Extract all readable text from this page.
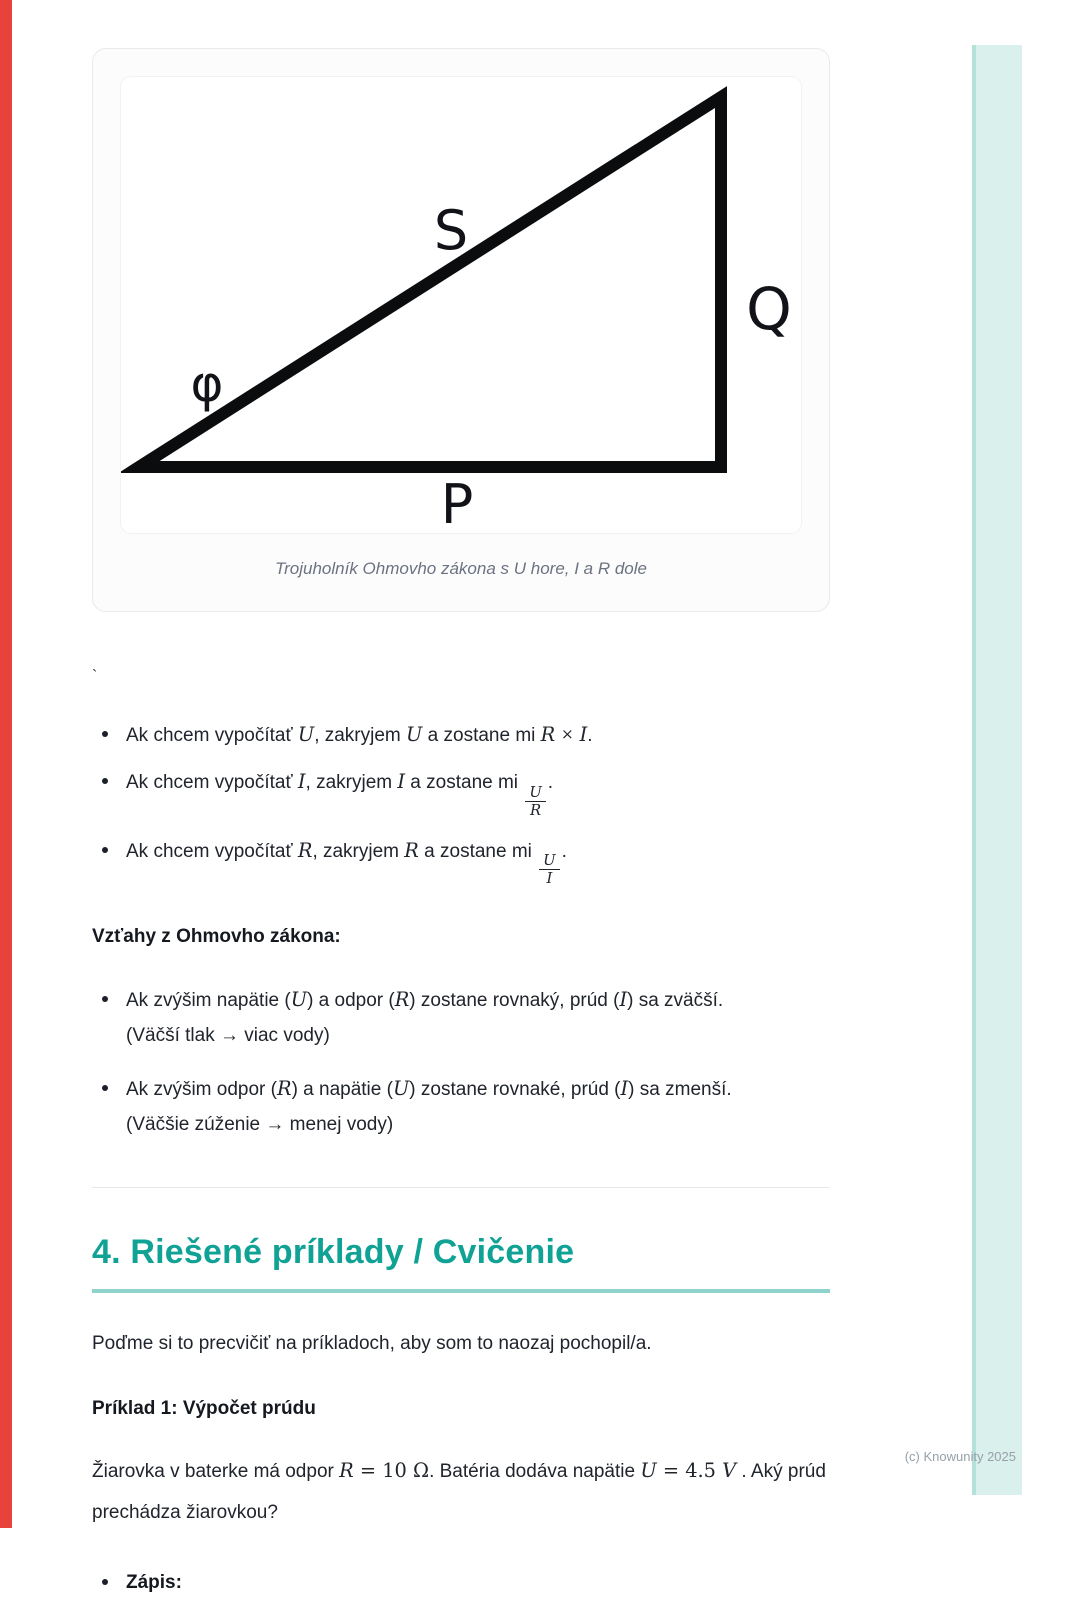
S
Q
φ
P
Trojuholník Ohmovho zákona s U hore, I a R dole

`

Ak chcem vypočítať U, zakryjem U a zostane mi R × I.
Ak chcem vypočítať I, zakryjem I a zostane mi
$\frac{U}{R}$
.
Ak chcem vypočítať R, zakryjem R a zostane mi
$\frac{U}{I}$
.

Vzťahy z Ohmovho zákona:

Ak zvýšim napätie (U) a odpor (R) zostane rovnaký, prúd (I) sa zväčší.
(Väčší tlak → viac vody)
Ak zvýšim odpor (R) a napätie (U) zostane rovnaké, prúd (I) sa zmenší.
(Väčšie zúženie → menej vody)
4. Riešené príklady / Cvičenie

Poďme si to precvičiť na príkladoch, aby som to naozaj pochopil/a.

Príklad 1: Výpočet prúdu

Žiarovka v baterke má odpor R = 10 Ω. Batéria dodáva napätie U = 4.5 V . Aký prúd prechádza žiarovkou?

Zápis:
(c) Knowunity 2025
